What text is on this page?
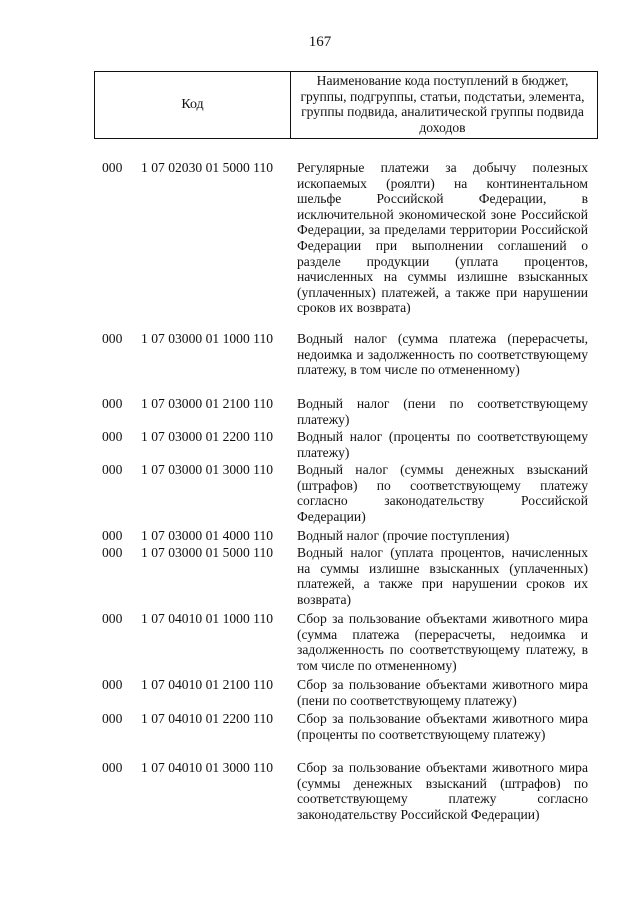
167
Код
Наименование кода поступлений в бюджет, группы, подгруппы, статьи, подстатьи, элемента, группы подвида, аналитической группы подвида доходов
000 1 07 02030 01 5000 110 Регулярные платежи за добычу полезных ископаемых (роялти) на континентальном шельфе Российской Федерации, в исключительной экономической зоне Российской Федерации, за пределами территории Российской Федерации при выполнении соглашений о разделе продукции (уплата процентов, начисленных на суммы излишне взысканных (уплаченных) платежей, а также при нарушении сроков их возврата)
000 1 07 03000 01 1000 110 Водный налог (сумма платежа (перерасчеты, недоимка и задолженность по соответствующему платежу, в том числе по отмененному)
000 1 07 03000 01 2100 110 Водный налог (пени по соответствующему платежу)
000 1 07 03000 01 2200 110 Водный налог (проценты по соответствующему платежу)
000 1 07 03000 01 3000 110 Водный налог (суммы денежных взысканий (штрафов) по соответствующему платежу согласно законодательству Российской Федерации)
000 1 07 03000 01 4000 110 Водный налог (прочие поступления)
000 1 07 03000 01 5000 110 Водный налог (уплата процентов, начисленных на суммы излишне взысканных (уплаченных) платежей, а также при нарушении сроков их возврата)
000 1 07 04010 01 1000 110 Сбор за пользование объектами животного мира (сумма платежа (перерасчеты, недоимка и задолженность по соответствующему платежу, в том числе по отмененному)
000 1 07 04010 01 2100 110 Сбор за пользование объектами животного мира (пени по соответствующему платежу)
000 1 07 04010 01 2200 110 Сбор за пользование объектами животного мира (проценты по соответствующему платежу)
000 1 07 04010 01 3000 110 Сбор за пользование объектами животного мира (суммы денежных взысканий (штрафов) по соответствующему платежу согласно законодательству Российской Федерации)
